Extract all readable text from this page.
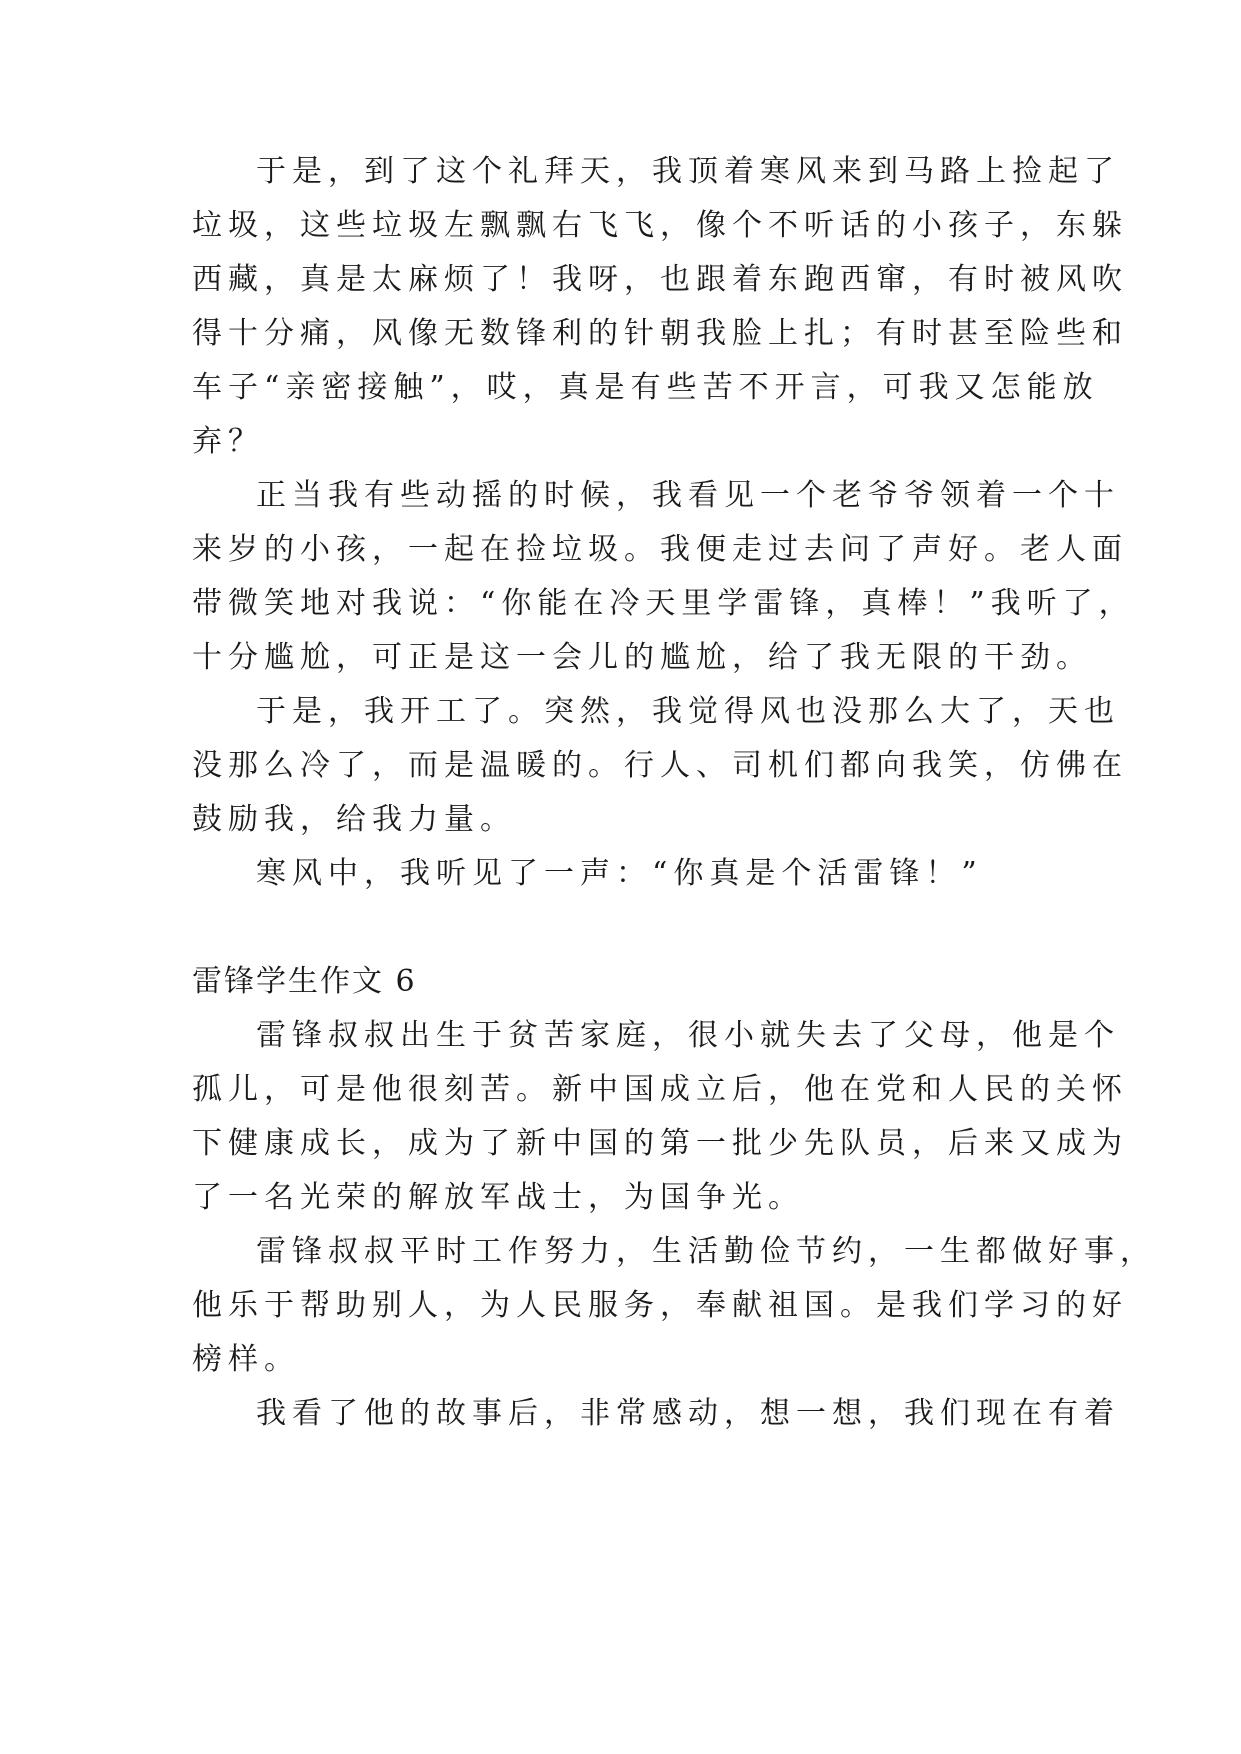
于是，到了这个礼拜天，我顶着寒风来到马路上捡起了

垃圾，这些垃圾左飘飘右飞飞，像个不听话的小孩子，东躲

西藏，真是太麻烦了！我呀，也跟着东跑西窜，有时被风吹

得十分痛，风像无数锋利的针朝我脸上扎；有时甚至险些和

车子“亲密接触”，哎，真是有些苦不开言，可我又怎能放

弃？

正当我有些动摇的时候，我看见一个老爷爷领着一个十

来岁的小孩，一起在捡垃圾。我便走过去问了声好。老人面

带微笑地对我说：“你能在冷天里学雷锋，真棒！”我听了，

十分尴尬，可正是这一会儿的尴尬，给了我无限的干劲。

于是，我开工了。突然，我觉得风也没那么大了，天也

没那么冷了，而是温暖的。行人、司机们都向我笑，仿佛在

鼓励我，给我力量。

寒风中，我听见了一声：“你真是个活雷锋！”

雷锋学生作文 6

雷锋叔叔出生于贫苦家庭，很小就失去了父母，他是个

孤儿，可是他很刻苦。新中国成立后，他在党和人民的关怀

下健康成长，成为了新中国的第一批少先队员，后来又成为

了一名光荣的解放军战士，为国争光。

雷锋叔叔平时工作努力，生活勤俭节约，一生都做好事，

他乐于帮助别人，为人民服务，奉献祖国。是我们学习的好

榜样。

我看了他的故事后，非常感动，想一想，我们现在有着
